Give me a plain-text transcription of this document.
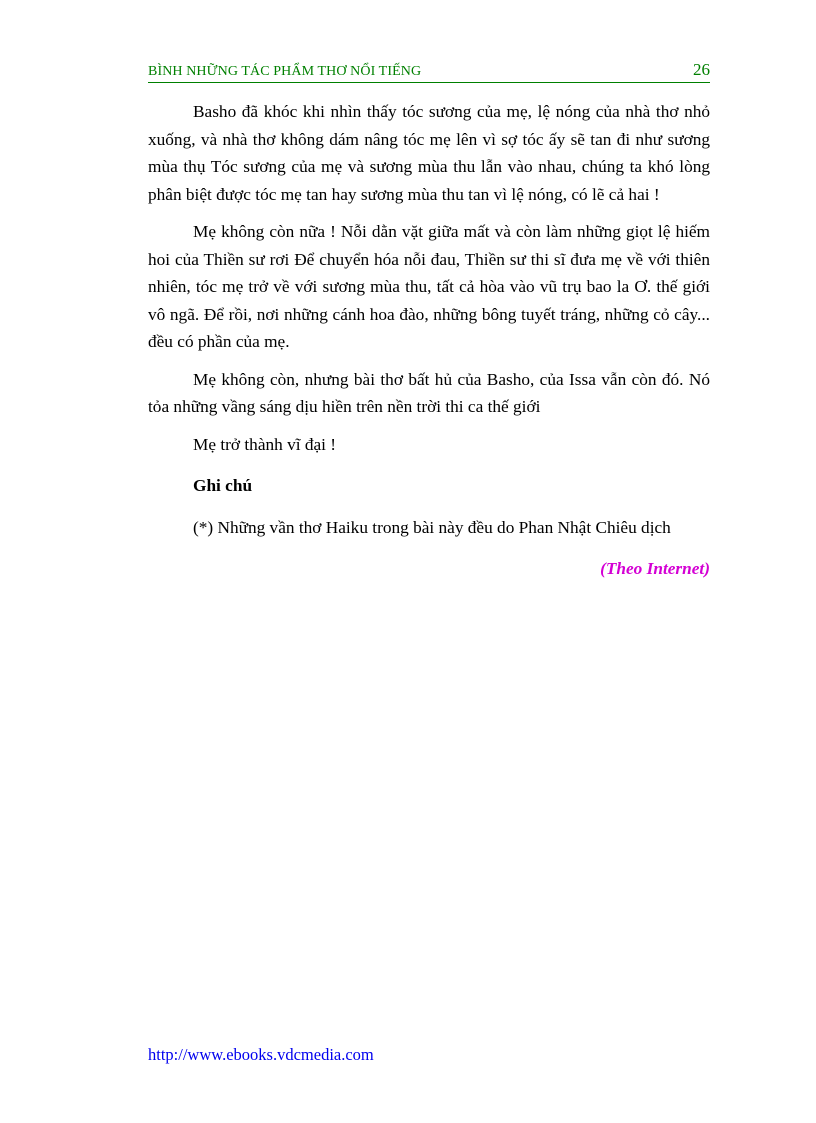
BÌNH NHỮNG TÁC PHẨM THƠ NỔI TIẾNG	26

Basho đã khóc khi nhìn thấy tóc sương của mẹ, lệ nóng của nhà thơ nhỏ xuống, và nhà thơ không dám nâng tóc mẹ lên vì sợ tóc ấy sẽ tan đi như sương mùa thụ Tóc sương của mẹ và sương mùa thu lẫn vào nhau, chúng ta khó lòng phân biệt được tóc mẹ tan hay sương mùa thu tan vì lệ nóng, có lẽ cả hai !

Mẹ không còn nữa ! Nỗi dằn vặt giữa mất và còn làm những giọt lệ hiếm hoi của Thiền sư rơi Để chuyển hóa nỗi đau, Thiền sư thi sĩ đưa mẹ về với thiên nhiên, tóc mẹ trở về với sương mùa thu, tất cả hòa vào vũ trụ bao la Ơ. thế giới vô ngã. Để rồi, nơi những cánh hoa đào, những bông tuyết tráng, những cỏ cây... đều có phần của mẹ.

Mẹ không còn, nhưng bài thơ bất hủ của Basho, của Issa vẫn còn đó. Nó tỏa những vầng sáng dịu hiền trên nền trời thi ca thế giới

Mẹ trở thành vĩ đại !

Ghi chú

(*) Những vần thơ Haiku trong bài này đều do Phan Nhật Chiêu dịch

(Theo Internet)

http://www.ebooks.vdcmedia.com
